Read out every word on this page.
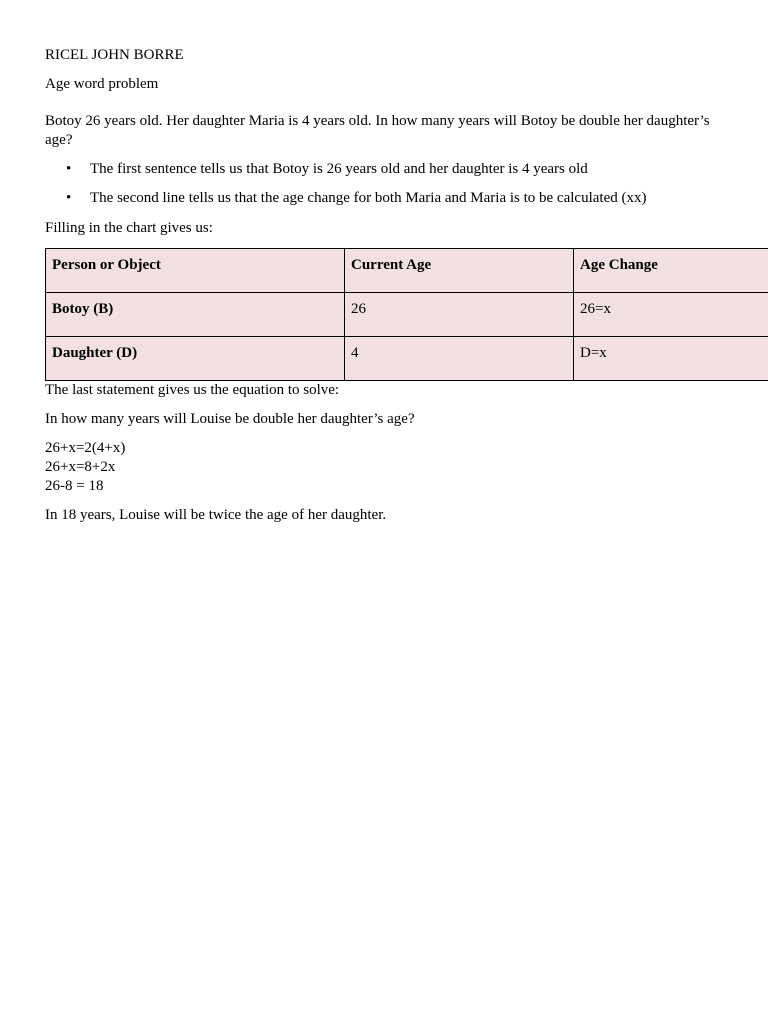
RICEL JOHN BORRE

Age word problem

Botoy 26 years old. Her daughter Maria is 4 years old. In how many years will Botoy be double her daughter’s age?

• The first sentence tells us that Botoy is 26 years old and her daughter is 4 years old
• The second line tells us that the age change for both Maria and Maria is to be calculated (xx)

Filling in the chart gives us:

Person or Object	Current Age	Age Change
Botoy (B)	26	26=x
Daughter (D)	4	D=x

The last statement gives us the equation to solve:

In how many years will Louise be double her daughter’s age?

26+x=2(4+x)
26+x=8+2x
26-8 = 18

In 18 years, Louise will be twice the age of her daughter.
